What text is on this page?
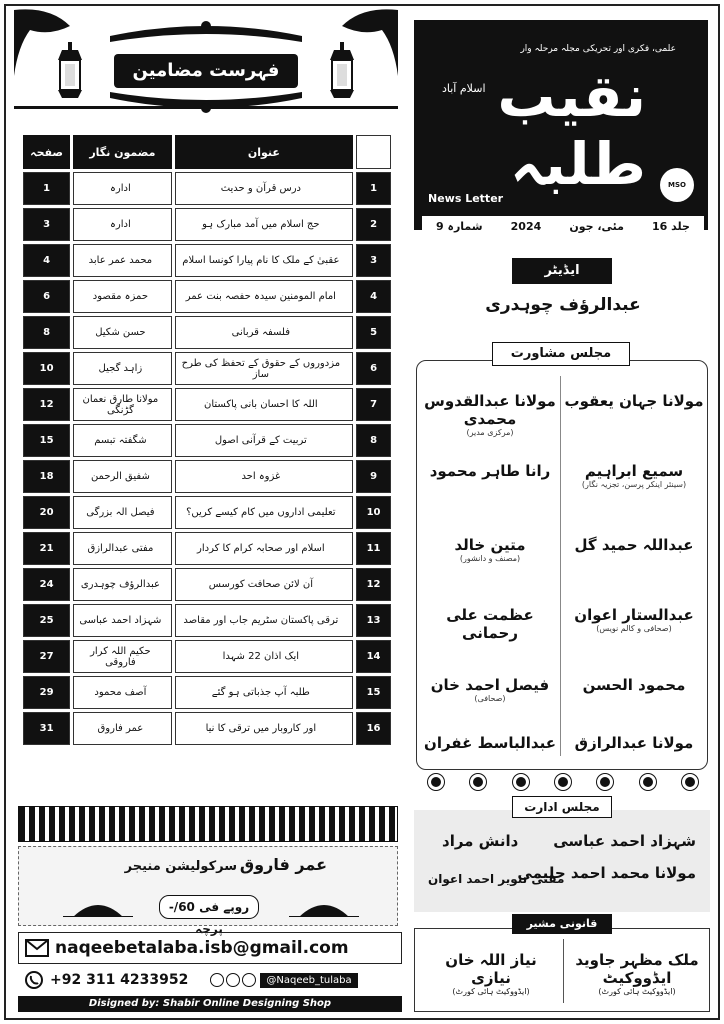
فہرست مضامین
صفحہ	مضمون نگار	عنوان	
1	ادارہ	درس قرآن و حدیث	1
3	ادارہ	حج اسلام میں آمد مبارک ہو	2
4	محمد عمر عابد	عقبیٰ کے ملک کا نام پیارا کونسا اسلام	3
6	حمزہ مقصود	امام المومنین سیدہ حفصہ بنت عمر	4
8	حسن شکیل	فلسفہ قربانی	5
10	زاہد گجیل	مزدوروں کے حقوق کے تحفظ کی طرح ساز	6
12	مولانا طارق نعمان گڑنگی	اللہ کا احسان بانی پاکستان	7
15	شگفتہ تبسم	تربیت کے قرآنی اصول	8
18	شفیق الرحمن	غزوہ احد	9
20	فیصل الہ بزرگی	تعلیمی اداروں میں کام کیسے کریں؟	10
21	مفتی عبدالرازق	اسلام اور صحابہ کرام کا کردار	11
24	عبدالرؤف چوہدری	آن لائن صحافت کورسس	12
25	شہزاد احمد عباسی	ترقی پاکستان سٹریم جاب اور مقاصد	13
27	حکیم اللہ کرار فاروقی	ایک اذان 22 شہدا	14
29	آصف محمود	طلبہ آپ جذباتی ہو گئے	15
31	عمر فاروق	اور کاروبار میں ترقی کا نیا	16
سرکولیشن منیجر عمر فاروق
-/60 روپے فی پرچہ
naqeebetalaba.isb@gmail.com
+92 311 4233952	@Naqeeb_tulaba
Disigned by: Shabir Online Designing Shop
علمی، فکری اور تحریکی مجلہ مرحلہ وار
نقیب طلبہ
اسلام آباد
News Letter
MSO
شمارہ 9	2024	مئی، جون	جلد 16
ایڈیٹر
عبدالرؤف چوہدری
مجلس مشاورت
مولانا جہان یعقوب
مولانا عبدالقدوس محمدی
(مرکزی مدیر)
سمیع ابراہیم
(سینئر اینکر پرسن، تجزیہ نگار)
رانا طاہر محمود
عبداللہ حمید گل
متین خالد
(مصنف و دانشور)
عبدالستار اعوان
(صحافی و کالم نویس)
عظمت علی رحمانی
محمود الحسن
فیصل احمد خان
(صحافی)
مولانا عبدالرازق
عبدالباسط غفران
شہزاد احمد عباسی
دانش مراد
مولانا محمد احمد حلیمی
مفتی تنویر احمد اعوان
مجلس ادارت
ملک مظہر جاوید ایڈووکیٹ
(ایڈووکیٹ ہائی کورٹ)
نیاز اللہ خان نیازی
(ایڈووکیٹ ہائی کورٹ)
قانونی مشیر
